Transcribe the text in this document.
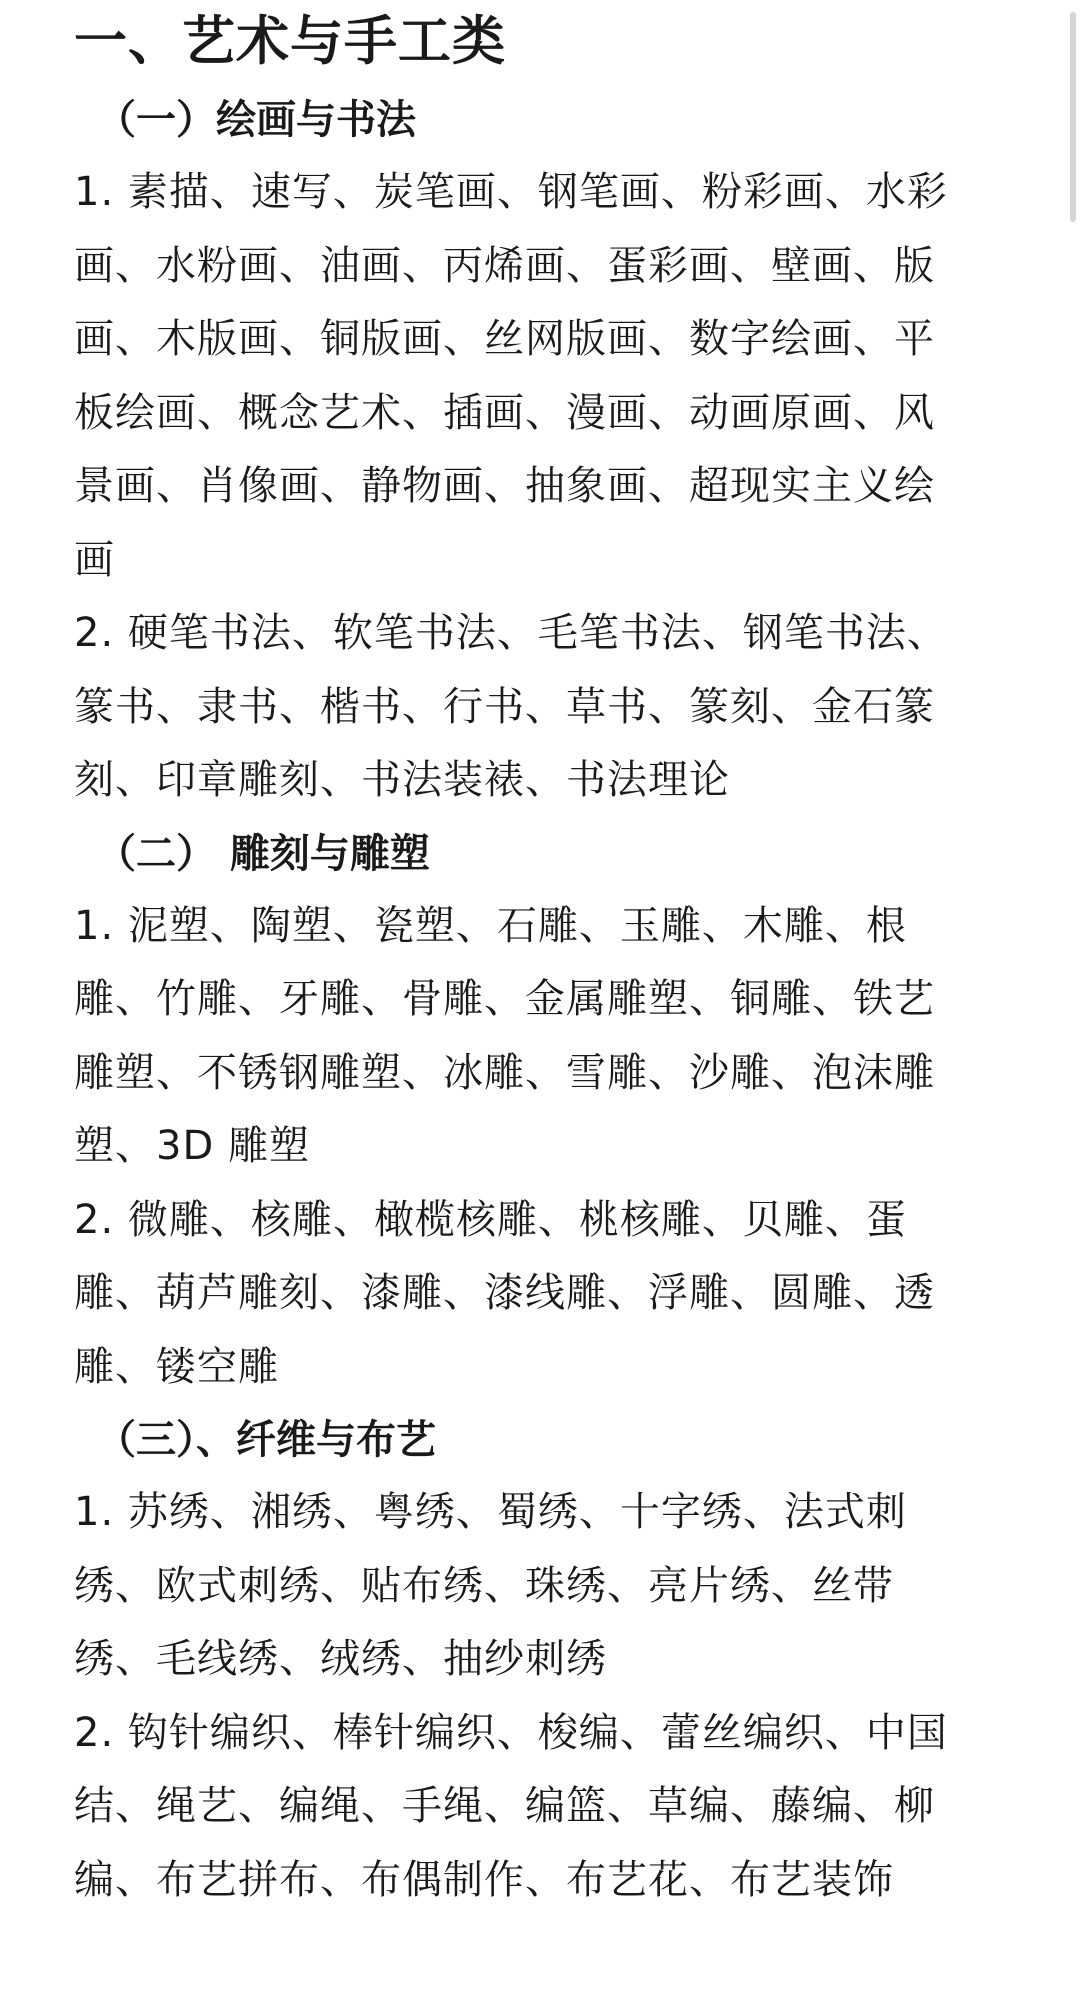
一、艺术与手工类
（一）绘画与书法

1. 素描、速写、炭笔画、钢笔画、粉彩画、水彩画、水粉画、油画、丙烯画、蛋彩画、壁画、版画、木版画、铜版画、丝网版画、数字绘画、平板绘画、概念艺术、插画、漫画、动画原画、风景画、肖像画、静物画、抽象画、超现实主义绘画

2. 硬笔书法、软笔书法、毛笔书法、钢笔书法、篆书、隶书、楷书、行书、草书、篆刻、金石篆刻、印章雕刻、书法装裱、书法理论

（二） 雕刻与雕塑

1. 泥塑、陶塑、瓷塑、石雕、玉雕、木雕、根雕、竹雕、牙雕、骨雕、金属雕塑、铜雕、铁艺雕塑、不锈钢雕塑、冰雕、雪雕、沙雕、泡沫雕塑、3D 雕塑

2. 微雕、核雕、橄榄核雕、桃核雕、贝雕、蛋雕、葫芦雕刻、漆雕、漆线雕、浮雕、圆雕、透雕、镂空雕

（三）、纤维与布艺

1. 苏绣、湘绣、粤绣、蜀绣、十字绣、法式刺绣、欧式刺绣、贴布绣、珠绣、亮片绣、丝带绣、毛线绣、绒绣、抽纱刺绣

2. 钩针编织、棒针编织、梭编、蕾丝编织、中国结、绳艺、编绳、手绳、编篮、草编、藤编、柳编、布艺拼布、布偶制作、布艺花、布艺装饰
